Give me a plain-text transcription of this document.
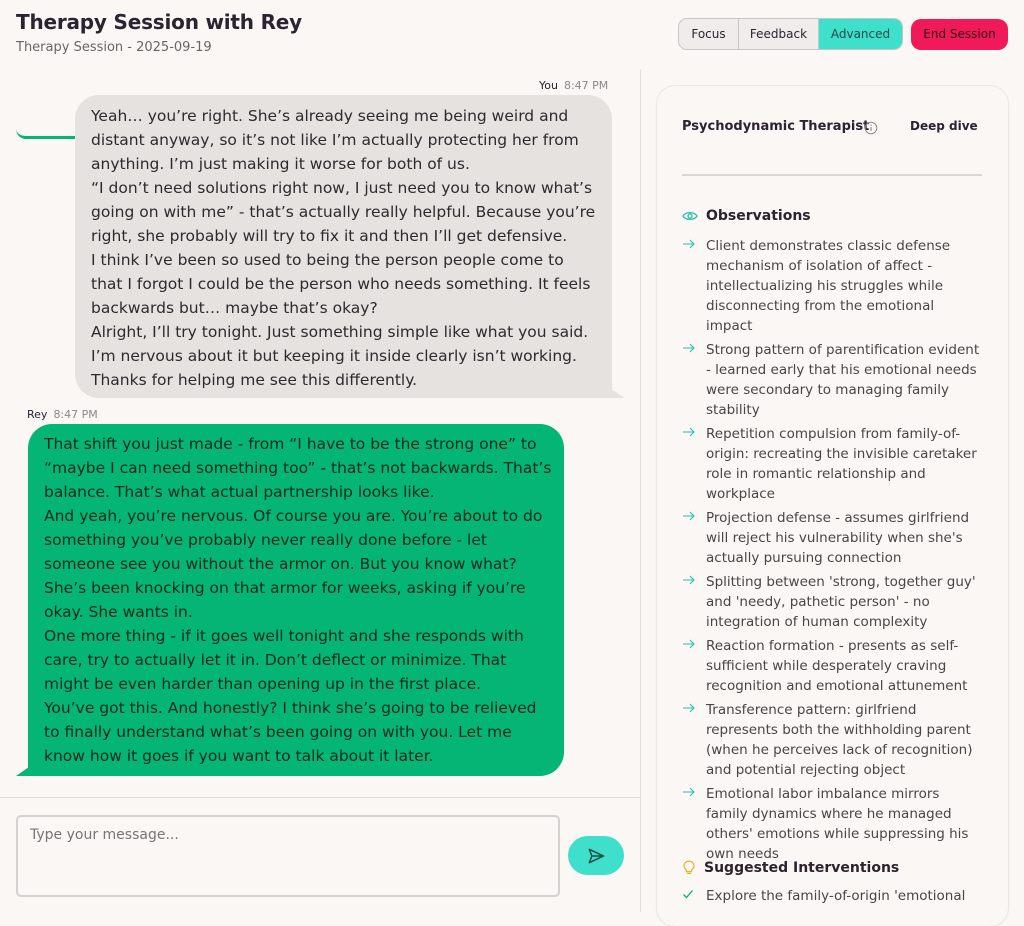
Therapy Session with Rey
Therapy Session - 2025-09-19
Focus	Feedback	Advanced	End Session
You 8:47 PM

Yeah… you’re right. She’s already seeing me being weird and distant anyway, so it’s not like I’m actually protecting her from anything. I’m just making it worse for both of us.

“I don’t need solutions right now, I just need you to know what’s going on with me” - that’s actually really helpful. Because you’re right, she probably will try to fix it and then I’ll get defensive.

I think I’ve been so used to being the person people come to that I forgot I could be the person who needs something. It feels backwards but… maybe that’s okay?

Alright, I’ll try tonight. Just something simple like what you said. I’m nervous about it but keeping it inside clearly isn’t working. Thanks for helping me see this differently.

Rey 8:47 PM

That shift you just made - from “I have to be the strong one” to “maybe I can need something too” - that’s not backwards. That’s balance. That’s what actual partnership looks like.

And yeah, you’re nervous. Of course you are. You’re about to do something you’ve probably never really done before - let someone see you without the armor on. But you know what? She’s been knocking on that armor for weeks, asking if you’re okay. She wants in.

One more thing - if it goes well tonight and she responds with care, try to actually let it in. Don’t deflect or minimize. That might be even harder than opening up in the first place.

You’ve got this. And honestly? I think she’s going to be relieved to finally understand what’s been going on with you. Let me know how it goes if you want to talk about it later.

Type your message...
Psychodynamic Therapist	Deep dive
Observations
Client demonstrates classic defense mechanism of isolation of affect - intellectualizing his struggles while disconnecting from the emotional impact
Strong pattern of parentification evident - learned early that his emotional needs were secondary to managing family stability
Repetition compulsion from family-of-origin: recreating the invisible caretaker role in romantic relationship and workplace
Projection defense - assumes girlfriend will reject his vulnerability when she's actually pursuing connection
Splitting between 'strong, together guy' and 'needy, pathetic person' - no integration of human complexity
Reaction formation - presents as self-sufficient while desperately craving recognition and emotional attunement
Transference pattern: girlfriend represents both the withholding parent (when he perceives lack of recognition) and potential rejecting object
Emotional labor imbalance mirrors family dynamics where he managed others' emotions while suppressing his own needs
Suggested Interventions
Explore the family-of-origin 'emotional
